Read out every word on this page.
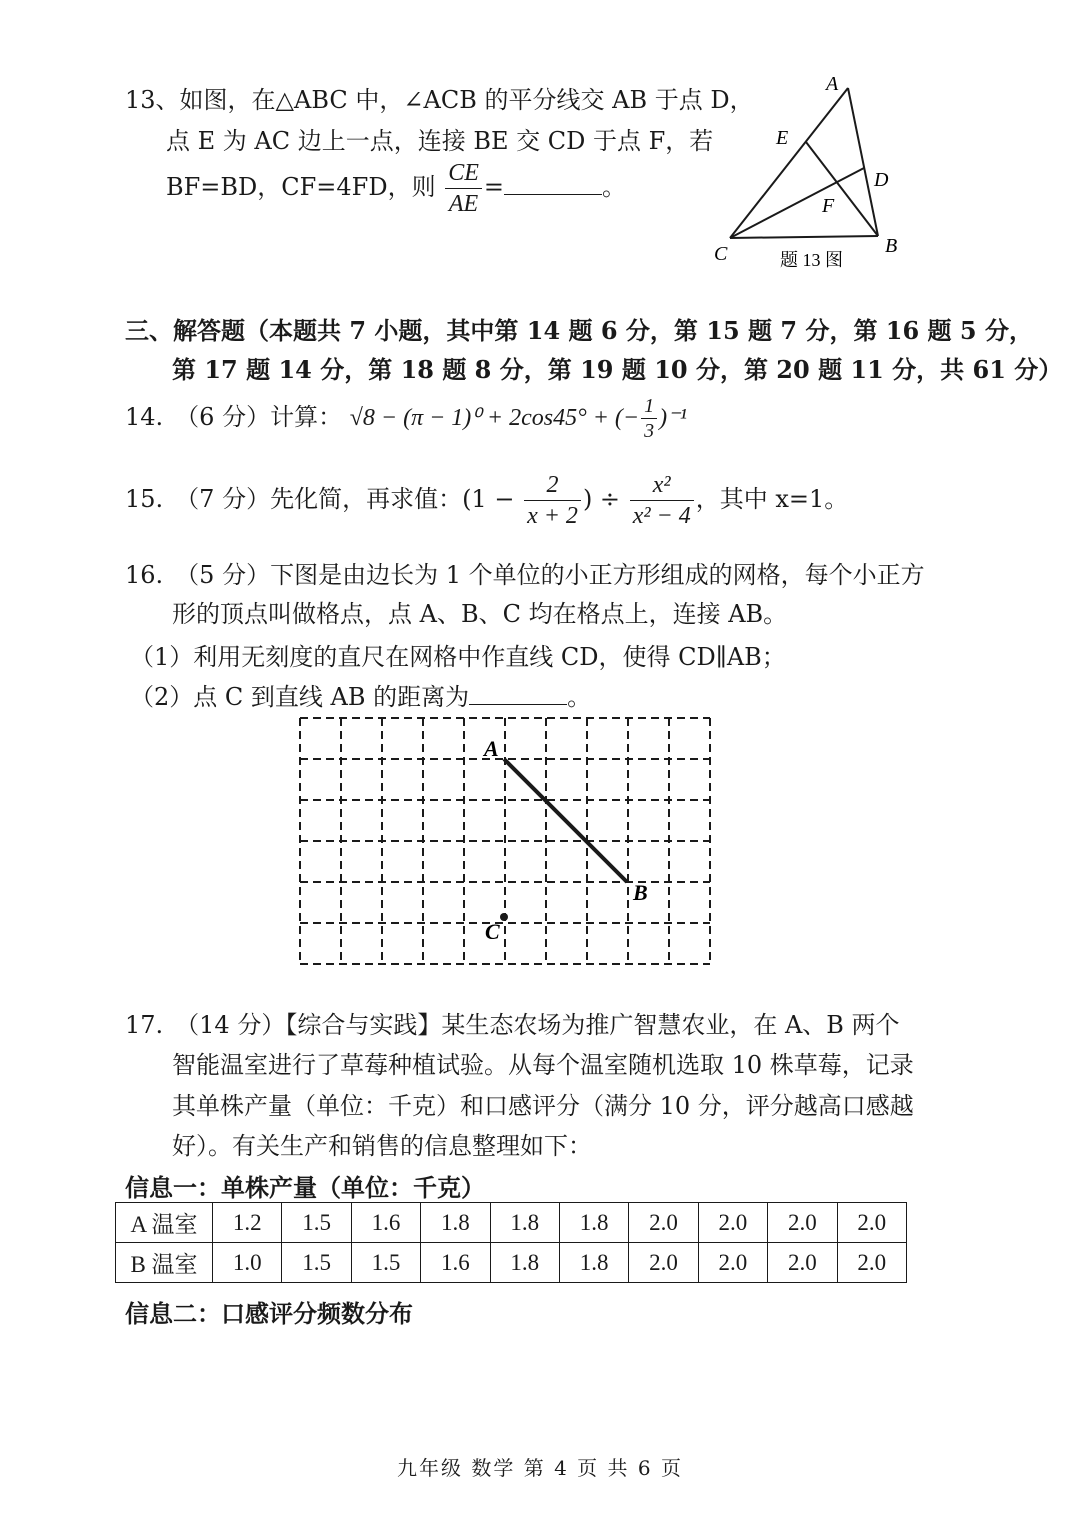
13、如图，在△ABC 中，∠ACB 的平分线交 AB 于点 D，
点 E 为 AC 边上一点，连接 BE 交 CD 于点 F，若
BF=BD，CF=4FD，则 $\frac{CE}{AE}$ =	。
A
B
C
D
E
F
题 13 图
三、解答题（本题共 7 小题，其中第 14 题 6 分，第 15 题 7 分，第 16 题 5 分，
第 17 题 14 分，第 18 题 8 分，第 19 题 10 分，第 20 题 11 分，共 61 分）
14.　（6 分）计算： √8 − (π − 1)⁰ + 2cos45° + (− $\frac{1}{3} )^{-1}$
15.　（7 分）先化简，再求值：($1 - \frac{2}{x + 2}$ ) ÷ $\frac{\text{x²}}{\text{x² − 4}}$ ，其中 x=1。
16.　（5 分）下图是由边长为 1 个单位的小正方形组成的网格，每个小正方
形的顶点叫做格点，点 A、B、C 均在格点上，连接 AB。
（1）利用无刻度的直尺在网格中作直线 CD，使得 CD∥AB；
（2）点 C 到直线 AB 的距离为	。
A
B
C
17.　（14 分）【综合与实践】某生态农场为推广智慧农业，在 A、B 两个
智能温室进行了草莓种植试验。从每个温室随机选取 10 株草莓，记录
其单株产量（单位：千克）和口感评分（满分 10 分，评分越高口感越
好）。有关生产和销售的信息整理如下：
信息一：单株产量（单位：千克）
A 温室	1.2	1.5	1.6	1.8	1.8	1.8	2.0	2.0	2.0	2.0
B 温室	1.0	1.5	1.5	1.6	1.8	1.8	2.0	2.0	2.0	2.0
信息二：口感评分频数分布
九年级 数学 第 4 页 共 6 页
